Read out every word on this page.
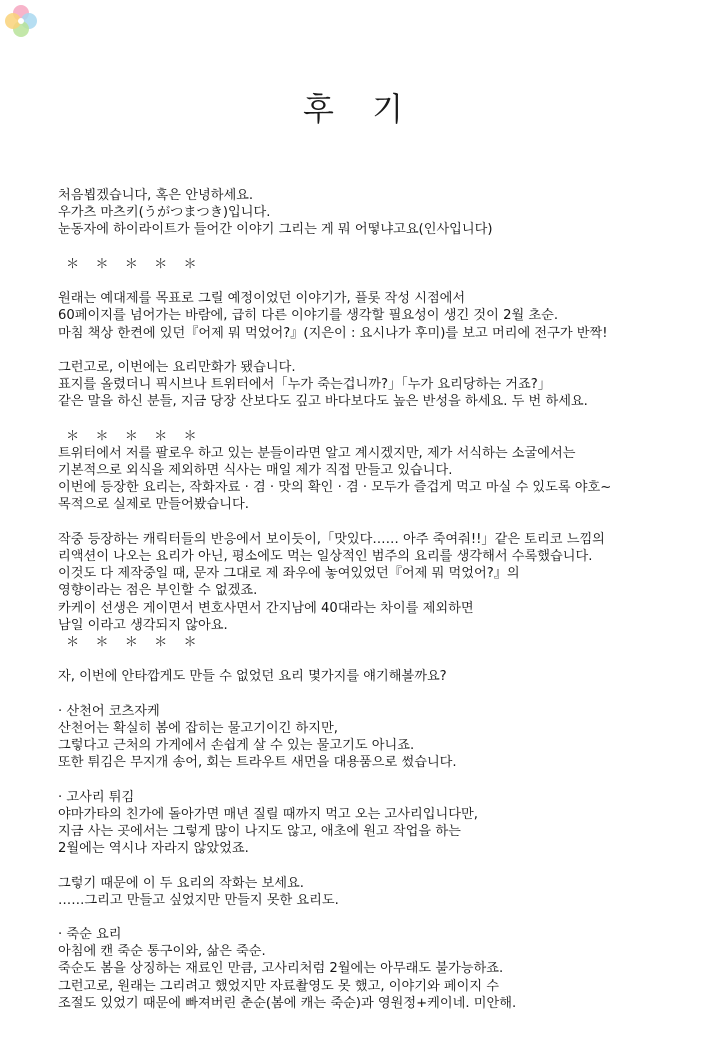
후 기
처음뵙겠습니다, 혹은 안녕하세요.
우가츠 마츠키(うがつまつき)입니다.
눈동자에 하이라이트가 들어간 이야기 그리는 게 뭐 어떻냐고요(인사입니다)
＊ ＊ ＊ ＊ ＊
원래는 예대제를 목표로 그릴 예정이었던 이야기가, 플롯 작성 시점에서
60페이지를 넘어가는 바람에, 급히 다른 이야기를 생각할 필요성이 생긴 것이 2월 초순.
마침 책상 한켠에 있던『어제 뭐 먹었어?』(지은이 : 요시나가 후미)를 보고 머리에 전구가 반짝!
그런고로, 이번에는 요리만화가 됐습니다.
표지를 올렸더니 픽시브나 트위터에서「누가 죽는겁니까?」「누가 요리당하는 거죠?」
같은 말을 하신 분들, 지금 당장 산보다도 깊고 바다보다도 높은 반성을 하세요. 두 번 하세요.
＊ ＊ ＊ ＊ ＊
트위터에서 저를 팔로우 하고 있는 분들이라면 알고 계시겠지만, 제가 서식하는 소굴에서는
기본적으로 외식을 제외하면 식사는 매일 제가 직접 만들고 있습니다.
이번에 등장한 요리는, 작화자료 · 겸 · 맛의 확인 · 겸 · 모두가 즐겁게 먹고 마실 수 있도록 야호~
목적으로 실제로 만들어봤습니다.
작중 등장하는 캐릭터들의 반응에서 보이듯이,「맛있다…… 아주 죽여줘!!」같은 토리코 느낌의
리액션이 나오는 요리가 아닌, 평소에도 먹는 일상적인 범주의 요리를 생각해서 수록했습니다.
이것도 다 제작중일 때, 문자 그대로 제 좌우에 놓여있었던『어제 뭐 먹었어?』의
영향이라는 점은 부인할 수 없겠죠.
카케이 선생은 게이면서 변호사면서 간지남에 40대라는 차이를 제외하면
남일 이라고 생각되지 않아요.
＊ ＊ ＊ ＊ ＊
자, 이번에 안타깝게도 만들 수 없었던 요리 몇가지를 얘기해볼까요?
· 산천어 코츠자케
산천어는 확실히 봄에 잡히는 물고기이긴 하지만,
그렇다고 근처의 가게에서 손쉽게 살 수 있는 물고기도 아니죠.
또한 튀김은 무지개 송어, 회는 트라우트 새먼을 대용품으로 썼습니다.
· 고사리 튀김
야마가타의 친가에 돌아가면 매년 질릴 때까지 먹고 오는 고사리입니다만,
지금 사는 곳에서는 그렇게 많이 나지도 않고, 애초에 원고 작업을 하는
2월에는 역시나 자라지 않았었죠.
그렇기 때문에 이 두 요리의 작화는 보세요.
……그리고 만들고 싶었지만 만들지 못한 요리도.
· 죽순 요리
아침에 캔 죽순 통구이와, 삶은 죽순.
죽순도 봄을 상징하는 재료인 만큼, 고사리처럼 2월에는 아무래도 불가능하죠.
그런고로, 원래는 그리려고 했었지만 자료촬영도 못 했고, 이야기와 페이지 수
조절도 있었기 때문에 빠져버린 춘순(봄에 캐는 죽순)과 영원정+케이네. 미안해.
